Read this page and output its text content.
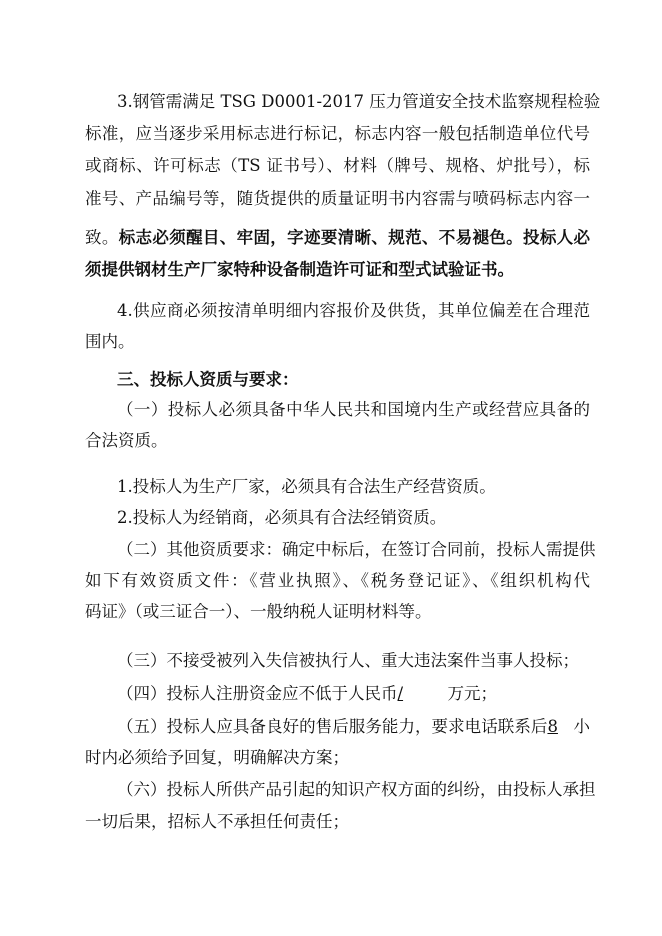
3.钢管需满足 TSG D0001-2017 压力管道安全技术监察规程检验
标准，应当逐步采用标志进行标记，标志内容一般包括制造单位代号
或商标、许可标志（TS 证书号）、材料（牌号、规格、炉批号），标
准号、产品编号等，随货提供的质量证明书内容需与喷码标志内容一
致。标志必须醒目、牢固，字迹要清晰、规范、不易褪色。投标人必
须提供钢材生产厂家特种设备制造许可证和型式试验证书。
4.供应商必须按清单明细内容报价及供货，其单位偏差在合理范
围内。
三、投标人资质与要求：
（一）投标人必须具备中华人民共和国境内生产或经营应具备的
合法资质。
1.投标人为生产厂家，必须具有合法生产经营资质。
2.投标人为经销商，必须具有合法经销资质。
（二）其他资质要求：确定中标后，在签订合同前，投标人需提供
如下有效资质文件：《营业执照》、《税务登记证》、《组织机构代
码证》（或三证合一）、一般纳税人证明材料等。
（三）不接受被列入失信被执行人、重大违法案件当事人投标；
（四）投标人注册资金应不低于人民币/	万元；
（五）投标人应具备良好的售后服务能力，要求电话联系后8 小
时内必须给予回复，明确解决方案；
（六）投标人所供产品引起的知识产权方面的纠纷，由投标人承担
一切后果，招标人不承担任何责任；
